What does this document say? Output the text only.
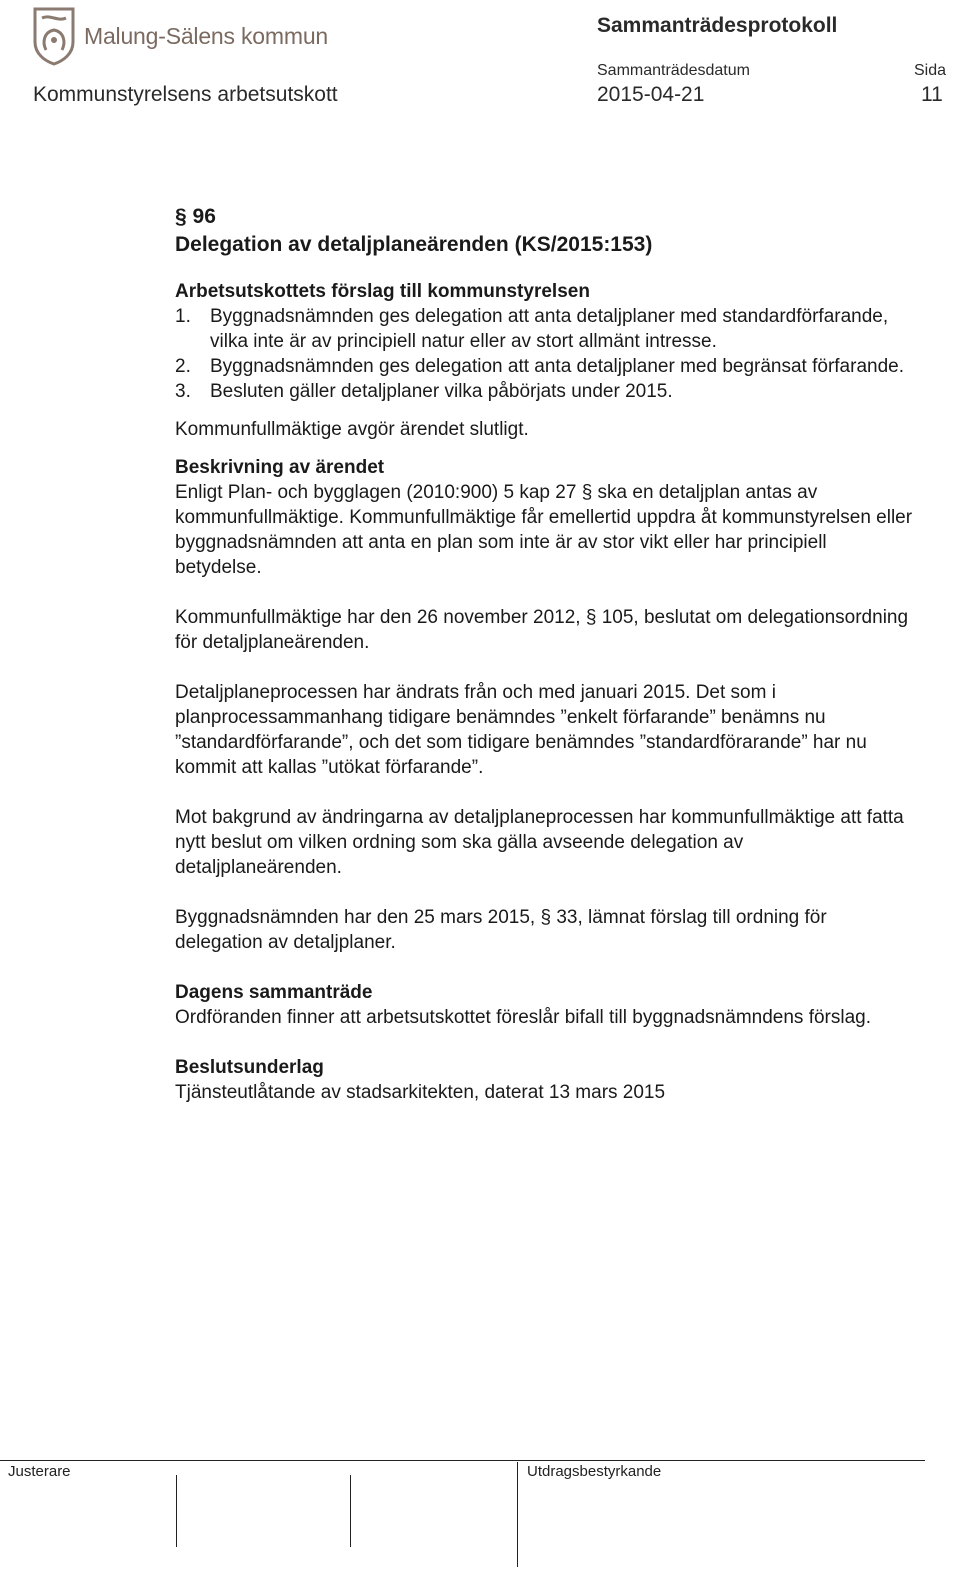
Malung-Sälens kommun	Sammanträdesprotokoll
Sammanträdesdatum	Sida
Kommunstyrelsens arbetsutskott	2015-04-21	11
§ 96
Delegation av detaljplaneärenden (KS/2015:153)
Arbetsutskottets förslag till kommunstyrelsen
1. Byggnadsnämnden ges delegation att anta detaljplaner med standardförfarande, vilka inte är av principiell natur eller av stort allmänt intresse.
2. Byggnadsnämnden ges delegation att anta detaljplaner med begränsat förfarande.
3. Besluten gäller detaljplaner vilka påbörjats under 2015.

Kommunfullmäktige avgör ärendet slutligt.

Beskrivning av ärendet

Enligt Plan- och bygglagen (2010:900) 5 kap 27 § ska en detaljplan antas av kommunfullmäktige. Kommunfullmäktige får emellertid uppdra åt kommunstyrelsen eller byggnadsnämnden att anta en plan som inte är av stor vikt eller har principiell betydelse.

Kommunfullmäktige har den 26 november 2012, § 105, beslutat om delegationsordning för detaljplaneärenden.

Detaljplaneprocessen har ändrats från och med januari 2015. Det som i planprocessammanhang tidigare benämndes ”enkelt förfarande” benämns nu ”standardförfarande”, och det som tidigare benämndes ”standardförarande” har nu kommit att kallas ”utökat förfarande”.

Mot bakgrund av ändringarna av detaljplaneprocessen har kommunfullmäktige att fatta nytt beslut om vilken ordning som ska gälla avseende delegation av detaljplaneärenden.

Byggnadsnämnden har den 25 mars 2015, § 33, lämnat förslag till ordning för delegation av detaljplaner.

Dagens sammanträde

Ordföranden finner att arbetsutskottet föreslår bifall till byggnadsnämndens förslag.

Beslutsunderlag

Tjänsteutlåtande av stadsarkitekten, daterat 13 mars 2015

Justerare	Utdragsbestyrkande
